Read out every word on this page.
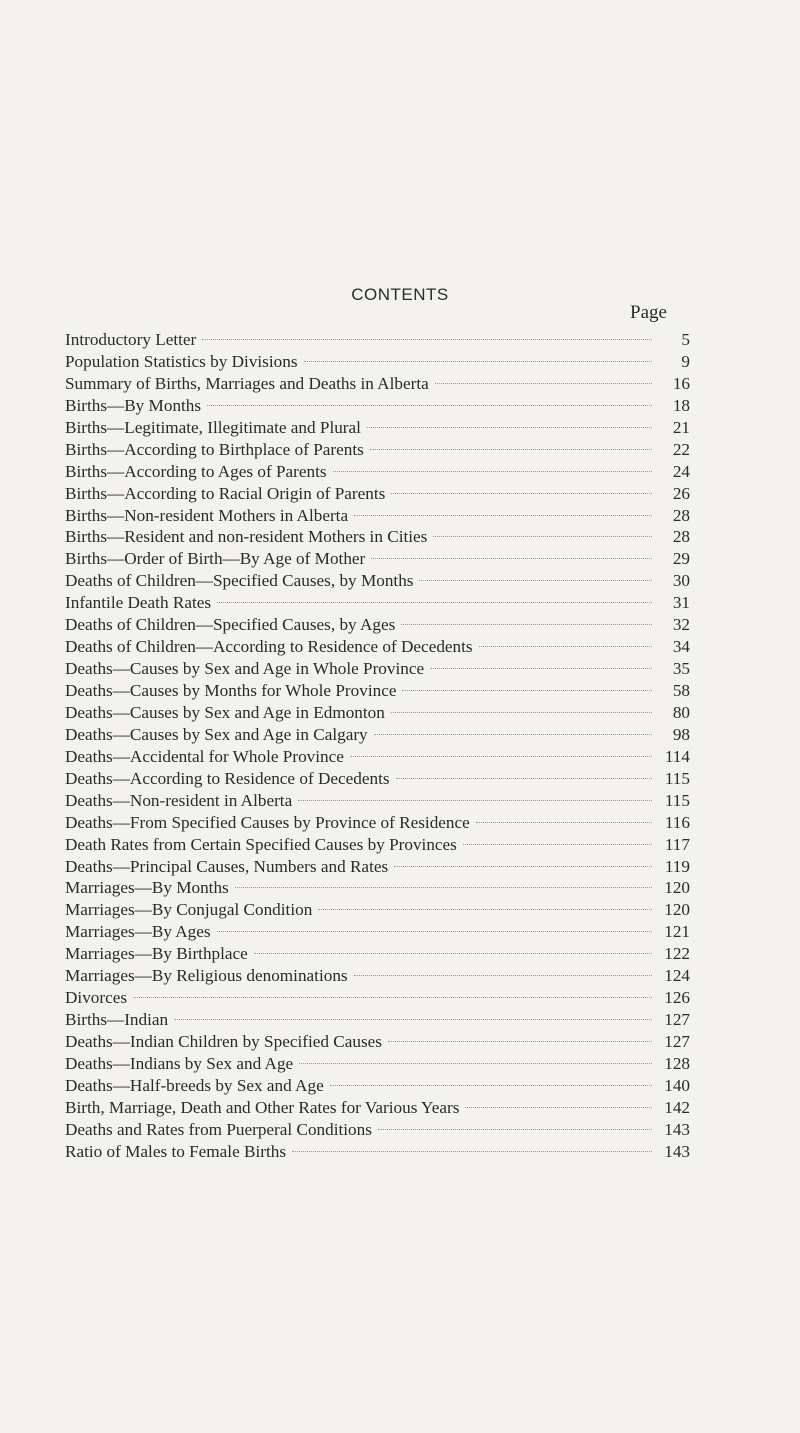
CONTENTS
Page
Introductory Letter	5
Population Statistics by Divisions	9
Summary of Births, Marriages and Deaths in Alberta	16
Births—By Months	18
Births—Legitimate, Illegitimate and Plural	21
Births—According to Birthplace of Parents	22
Births—According to Ages of Parents	24
Births—According to Racial Origin of Parents	26
Births—Non-resident Mothers in Alberta	28
Births—Resident and non-resident Mothers in Cities	28
Births—Order of Birth—By Age of Mother	29
Deaths of Children—Specified Causes, by Months	30
Infantile Death Rates	31
Deaths of Children—Specified Causes, by Ages	32
Deaths of Children—According to Residence of Decedents	34
Deaths—Causes by Sex and Age in Whole Province	35
Deaths—Causes by Months for Whole Province	58
Deaths—Causes by Sex and Age in Edmonton	80
Deaths—Causes by Sex and Age in Calgary	98
Deaths—Accidental for Whole Province	114
Deaths—According to Residence of Decedents	115
Deaths—Non-resident in Alberta	115
Deaths—From Specified Causes by Province of Residence	116
Death Rates from Certain Specified Causes by Provinces	117
Deaths—Principal Causes, Numbers and Rates	119
Marriages—By Months	120
Marriages—By Conjugal Condition	120
Marriages—By Ages	121
Marriages—By Birthplace	122
Marriages—By Religious denominations	124
Divorces	126
Births—Indian	127
Deaths—Indian Children by Specified Causes	127
Deaths—Indians by Sex and Age	128
Deaths—Half-breeds by Sex and Age	140
Birth, Marriage, Death and Other Rates for Various Years	142
Deaths and Rates from Puerperal Conditions	143
Ratio of Males to Female Births	143
